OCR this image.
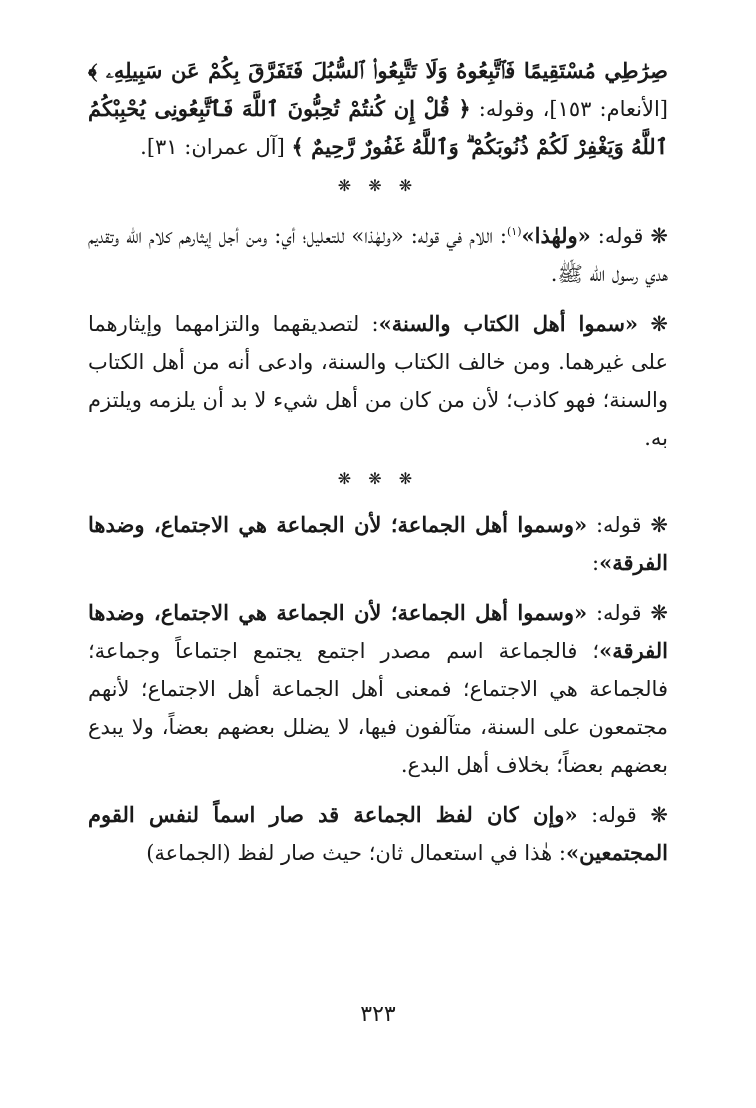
صِرَٰطِي مُسْتَقِيمًا فَٱتَّبِعُوهُ وَلَا تَتَّبِعُوا۟ ٱلسُّبُلَ فَتَفَرَّقَ بِكُمْ عَن سَبِيلِهِۦ ﴾ [الأنعام: ١٥٣]، وقوله: ﴿ قُلْ إِن كُنتُمْ تُحِبُّونَ ٱللَّهَ فَٱتَّبِعُونِى يُحْبِبْكُمُ ٱللَّهُ وَيَغْفِرْ لَكُمْ ذُنُوبَكُمْ ۗ وَٱللَّهُ غَفُورٌ رَّحِيمٌ ﴾ [آل عمران: ٣١].

❋ ❋ ❋

❋ قوله: «ولهٰذا»$^{(١)}$: اللام في قوله: «ولهٰذا» للتعليل؛ أي: ومن أجل إيثارهم كلام الله وتقديم هدي رسول الله ﷺ.

❋ «سموا أهل الكتاب والسنة»: لتصديقهما والتزامهما وإيثارهما على غيرهما. ومن خالف الكتاب والسنة، وادعى أنه من أهل الكتاب والسنة؛ فهو كاذب؛ لأن من كان من أهل شيء لا بد أن يلزمه ويلتزم به.

❋ ❋ ❋

❋ قوله: «وسموا أهل الجماعة؛ لأن الجماعة هي الاجتماع، وضدها الفرقة»:

❋ قوله: «وسموا أهل الجماعة؛ لأن الجماعة هي الاجتماع، وضدها الفرقة»؛ فالجماعة اسم مصدر اجتمع يجتمع اجتماعاً وجماعة؛ فالجماعة هي الاجتماع؛ فمعنى أهل الجماعة أهل الاجتماع؛ لأنهم مجتمعون على السنة، متآلفون فيها، لا يضلل بعضهم بعضاً، ولا يبدع بعضهم بعضاً؛ بخلاف أهل البدع.

❋ قوله: «وإن كان لفظ الجماعة قد صار اسماً لنفس القوم المجتمعين»: هٰذا في استعمال ثان؛ حيث صار لفظ (الجماعة)

٣٢٣
